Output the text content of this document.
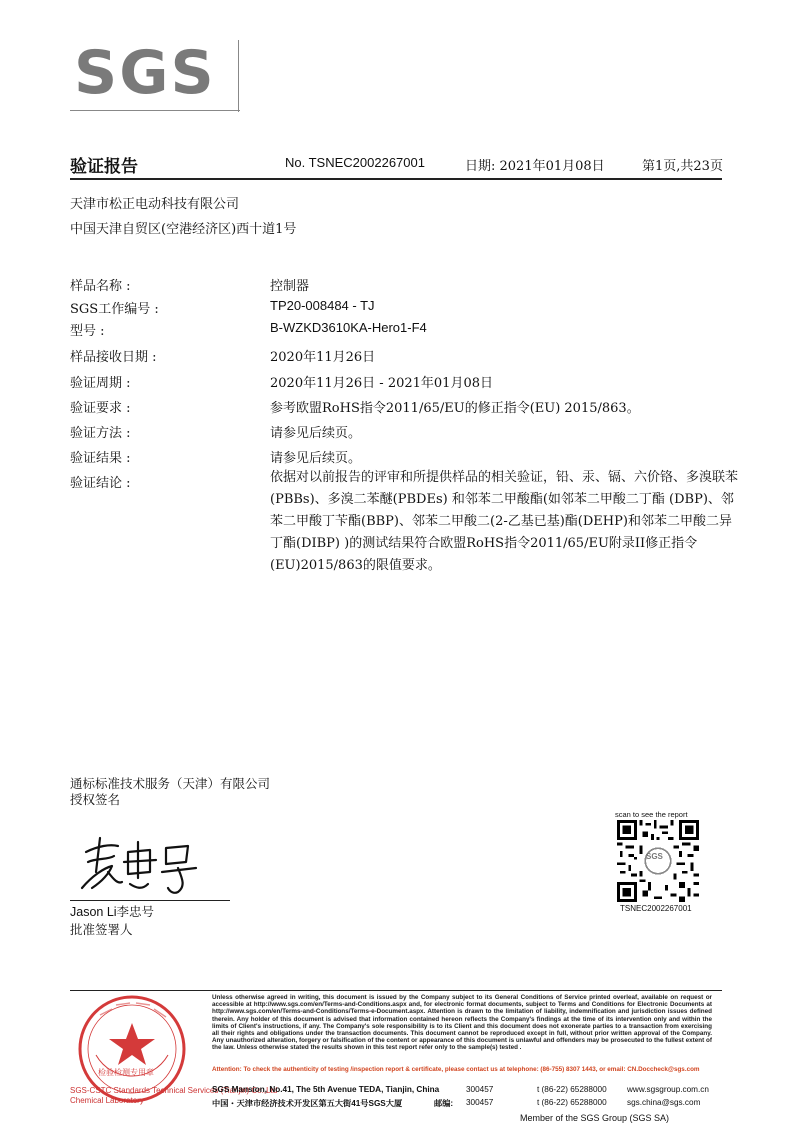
SGS
验证报告	No. TSNEC2002267001	日期: 2021年01月08日	第1页,共23页
天津市松正电动科技有限公司
中国天津自贸区(空港经济区)西十道1号
样品名称 :	控制器
SGS工作编号 :	TP20-008484 - TJ
型号 :	B-WZKD3610KA-Hero1-F4
样品接收日期 :	2020年11月26日
验证周期 :	2020年11月26日 - 2021年01月08日
验证要求 :	参考欧盟RoHS指令2011/65/EU的修正指令(EU) 2015/863。
验证方法 :	请参见后续页。
验证结果 :	请参见后续页。
验证结论 :	依据对以前报告的评审和所提供样品的相关验证，铅、汞、镉、六价铬、多溴联苯(PBBs)、多溴二苯醚(PBDEs) 和邻苯二甲酸酯(如邻苯二甲酸二丁酯 (DBP)、邻苯二甲酸丁苄酯(BBP)、邻苯二甲酸二(2-乙基已基)酯(DEHP)和邻苯二甲酸二异丁酯(DIBP) )的测试结果符合欧盟RoHS指令2011/65/EU附录II修正指令(EU)2015/863的限值要求。
通标标准技术服务（天津）有限公司
授权签名
Jason Li李忠号
批准签署人
scan to see the report
SGS
TSNEC2002267001
检验检测专用章
SGS-CSTC Standards Technical Services (Tianjin) Co.,Ltd
Chemical Laboratory
Unless otherwise agreed in writing, this document is issued by the Company subject to its General Conditions of Service printed overleaf, available on request or accessible at http://www.sgs.com/en/Terms-and-Conditions.aspx and, for electronic format documents, subject to Terms and Conditions for Electronic Documents at http://www.sgs.com/en/Terms-and-Conditions/Terms-e-Document.aspx. Attention is drawn to the limitation of liability, indemnification and jurisdiction issues defined therein. Any holder of this document is advised that information contained hereon reflects the Company's findings at the time of its intervention only and within the limits of Client's instructions, if any. The Company's sole responsibility is to its Client and this document does not exonerate parties to a transaction from exercising all their rights and obligations under the transaction documents. This document cannot be reproduced except in full, without prior written approval of the Company. Any unauthorized alteration, forgery or falsification of the content or appearance of this document is unlawful and offenders may be prosecuted to the fullest extent of the law. Unless otherwise stated the results shown in this test report refer only to the sample(s) tested .
Attention: To check the authenticity of testing /inspection report & certificate, please contact us at telephone: (86-755) 8307 1443, or email: CN.Doccheck@sgs.com
SGS Mansion, No.41, The 5th Avenue TEDA, Tianjin, China	300457	t (86-22) 65288000 www.sgsgroup.com.cn
中国・天津市经济技术开发区第五大街41号SGS大厦	邮编: 300457	t (86-22) 65288000 sgs.china@sgs.com
Member of the SGS Group (SGS SA)
